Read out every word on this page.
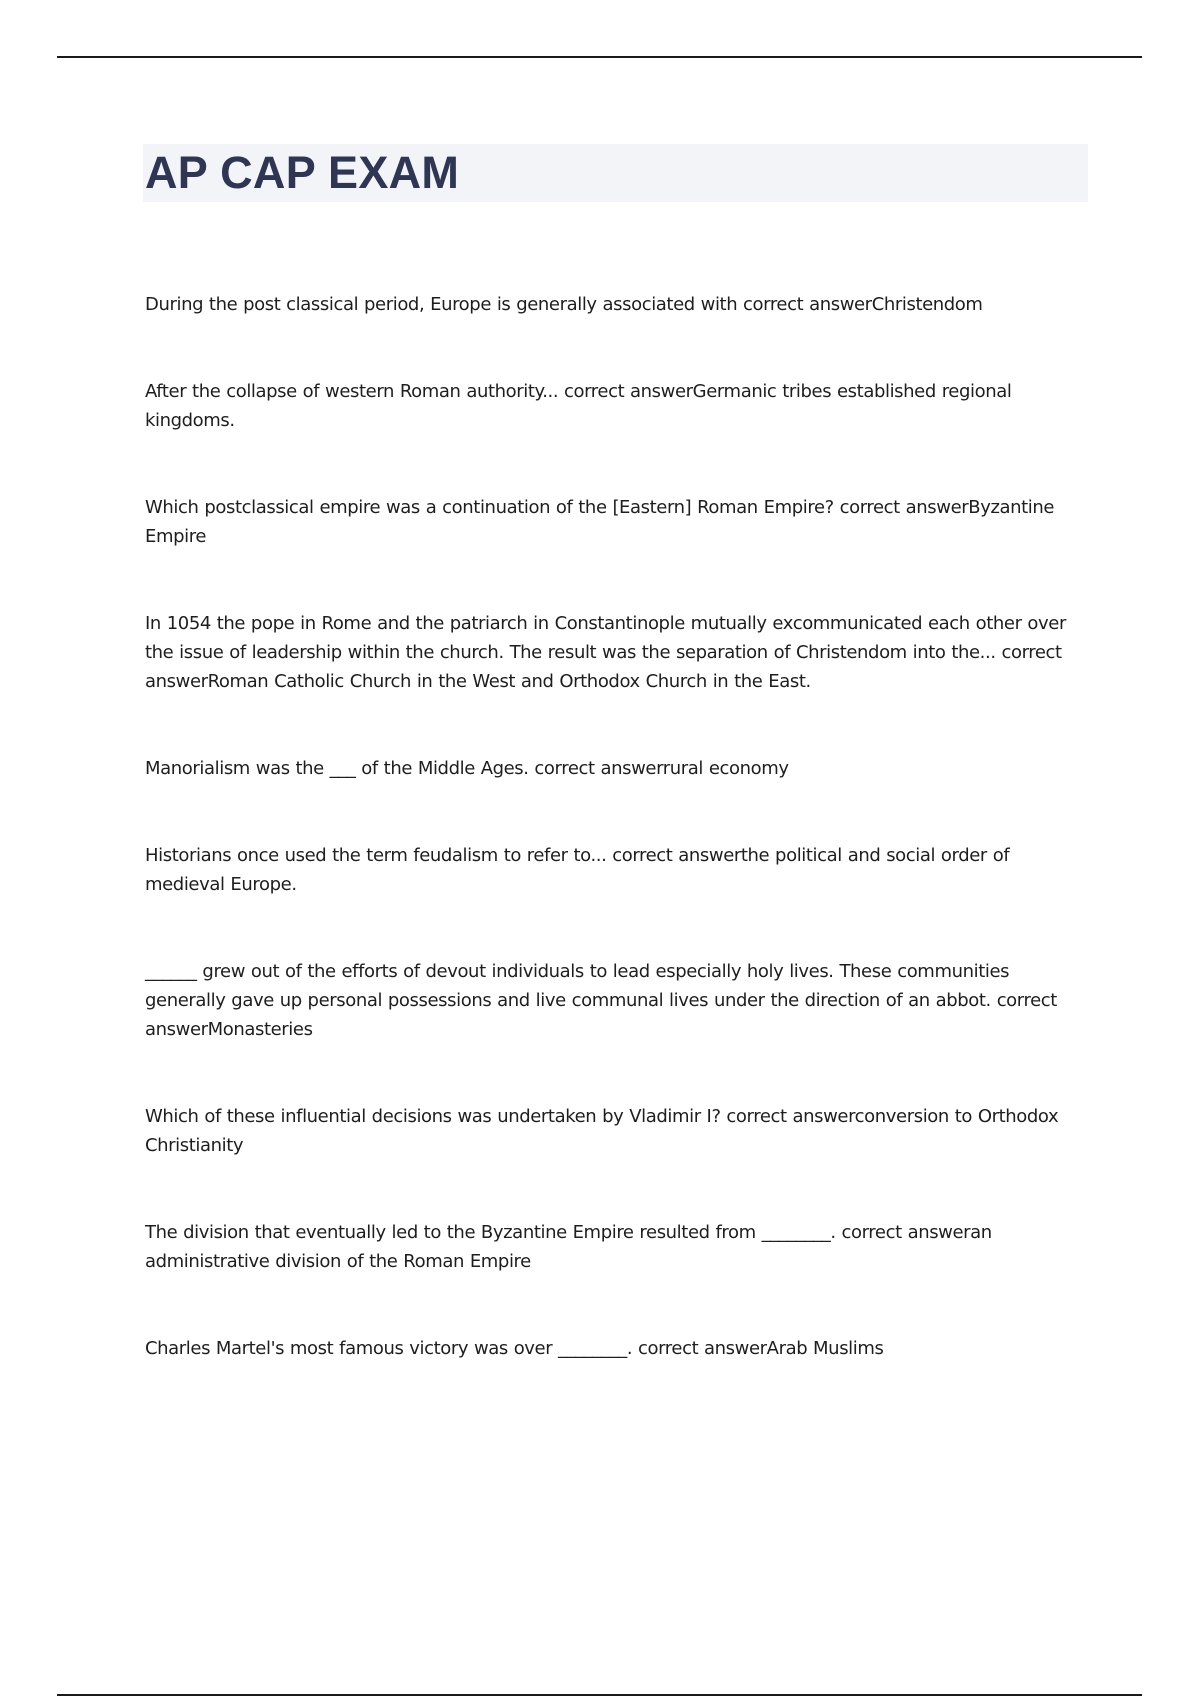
AP CAP EXAM

During the post classical period, Europe is generally associated with correct answerChristendom

After the collapse of western Roman authority... correct answerGermanic tribes established regional kingdoms.

Which postclassical empire was a continuation of the [Eastern] Roman Empire? correct answerByzantine Empire

In 1054 the pope in Rome and the patriarch in Constantinople mutually excommunicated each other over the issue of leadership within the church. The result was the separation of Christendom into the... correct answerRoman Catholic Church in the West and Orthodox Church in the East.

Manorialism was the ___ of the Middle Ages. correct answerrural economy

Historians once used the term feudalism to refer to... correct answerthe political and social order of medieval Europe.

______ grew out of the efforts of devout individuals to lead especially holy lives. These communities generally gave up personal possessions and live communal lives under the direction of an abbot. correct answerMonasteries

Which of these influential decisions was undertaken by Vladimir I? correct answerconversion to Orthodox Christianity

The division that eventually led to the Byzantine Empire resulted from ________. correct answeran administrative division of the Roman Empire

Charles Martel's most famous victory was over ________. correct answerArab Muslims
